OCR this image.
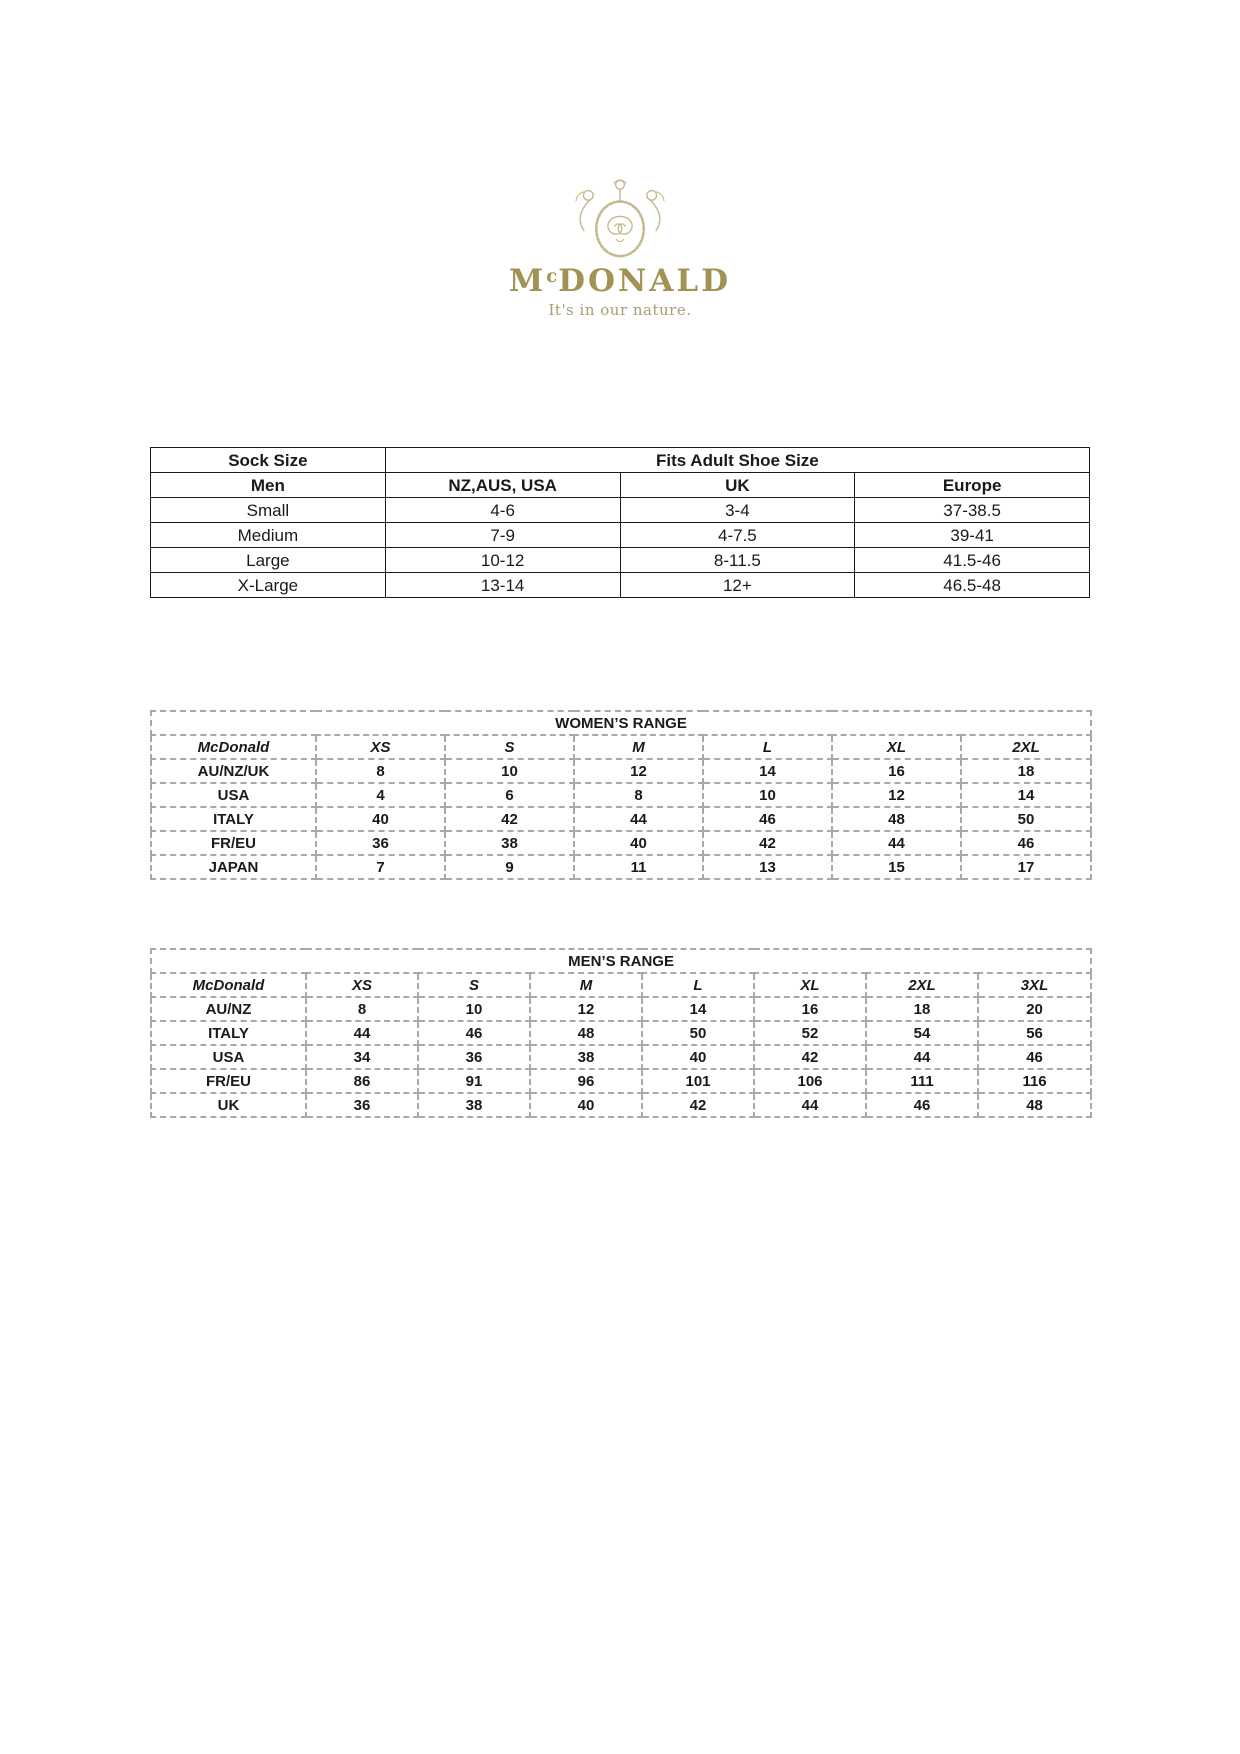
$M^cDONALD$
It's in our nature.
Sock Size	Fits Adult Shoe Size		
Men	NZ,AUS, USA	UK	Europe
Small	4-6	3-4	37-38.5
Medium	7-9	4-7.5	39-41
Large	10-12	8-11.5	41.5-46
X-Large	13-14	12+	46.5-48
WOMEN’S RANGE						
McDonald	XS	S	M	L	XL	2XL
AU/NZ/UK	8	10	12	14	16	18
USA	4	6	8	10	12	14
ITALY	40	42	44	46	48	50
FR/EU	36	38	40	42	44	46
JAPAN	7	9	11	13	15	17
MEN’S RANGE							
McDonald	XS	S	M	L	XL	2XL	3XL
AU/NZ	8	10	12	14	16	18	20
ITALY	44	46	48	50	52	54	56
USA	34	36	38	40	42	44	46
FR/EU	86	91	96	101	106	111	116
UK	36	38	40	42	44	46	48
